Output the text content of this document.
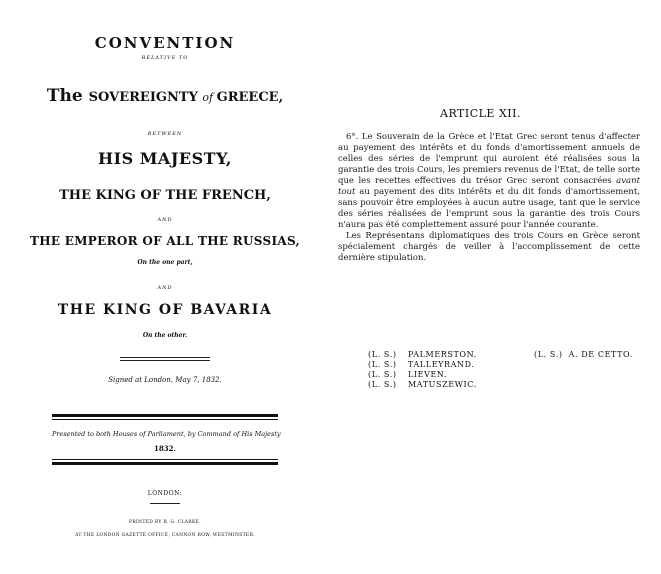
CONVENTION
RELATIVE TO
The SOVEREIGNTY of GREECE,
BETWEEN
HIS MAJESTY,
THE KING OF THE FRENCH,
AND
THE EMPEROR OF ALL THE RUSSIAS,
On the one part,
AND
THE KING OF BAVARIA
On the other.
Signed at London, May 7, 1832.
Presented to both Houses of Parliament, by Command of His Majesty
1832.
LONDON:
PRINTED BY R. G. CLARKE,
AT THE LONDON GAZETTE OFFICE, CANNON ROW, WESTMINSTER.
ARTICLE XII.

6°. Le Souverain de la Grèce et l'Etat Grec seront tenus d'affecter au payement des intérêts et du fonds d'amortissement annuels de celles des séries de l'emprunt qui auroient été réalisées sous la garantie des trois Cours, les premiers revenus de l'Etat, de telle sorte que les recettes effectives du trésor Grec seront consacrées avant tout au payement des dits intérêts et du dit fonds d'amortissement, sans pouvoir être employées à aucun autre usage, tant que le service des séries réalisées de l'emprunt sous la garantie des trois Cours n'aura pas été complettement assuré pour l'année courante.

Les Représentans diplomatiques des trois Cours en Grèce seront spécialement chargés de veiller à l'accomplissement de cette dernière stipulation.

(L. S.) PALMERSTON.
(L. S.) TALLEYRAND.
(L. S.) LIEVEN.
(L. S.) MATUSZEWIC.
(L. S.) A. DE CETTO.
